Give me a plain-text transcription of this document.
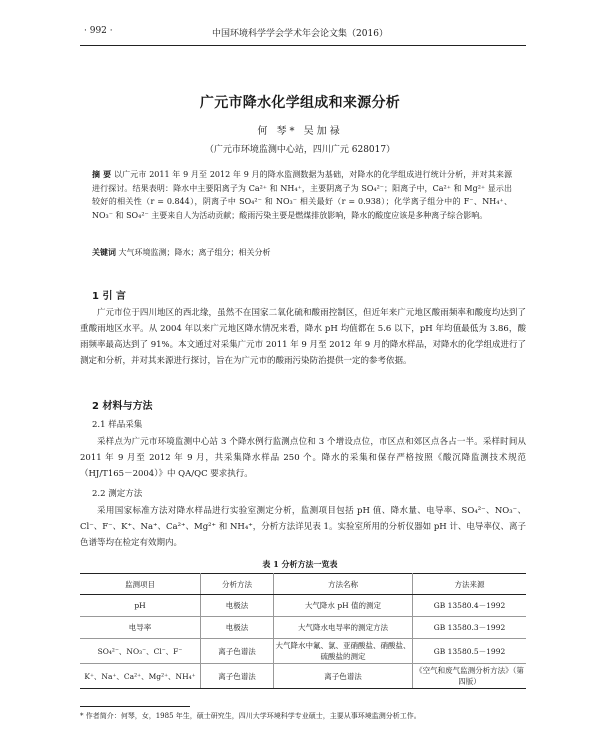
· 992 ·	中国环境科学学会学术年会论文集（2016）
广元市降水化学组成和来源分析
何 琴* 吴加禄
（广元市环境监测中心站，四川广元 628017）
摘 要 以广元市 2011 年 9 月至 2012 年 9 月的降水监测数据为基础，对降水的化学组成进行统计分析，并对其来源进行探讨。结果表明：降水中主要阳离子为 Ca²⁺ 和 NH₄⁺，主要阴离子为 SO₄²⁻；阳离子中，Ca²⁺ 和 Mg²⁺ 显示出较好的相关性（r = 0.844），阴离子中 SO₄²⁻ 和 NO₃⁻ 相关最好（r = 0.938）；化学离子组分中的 F⁻、NH₄⁺、NO₃⁻ 和 SO₄²⁻ 主要来自人为活动贡献；酸雨污染主要是燃煤排放影响，降水的酸度应该是多种离子综合影响。
关键词 大气环境监测；降水；离子组分；相关分析
1 引 言
广元市位于四川地区的西北缘，虽然不在国家二氧化硫和酸雨控制区，但近年来广元地区酸雨频率和酸度均达到了重酸雨地区水平。从 2004 年以来广元地区降水情况来看，降水 pH 均值都在 5.6 以下，pH 年均值最低为 3.86，酸雨频率最高达到了 91%。本文通过对采集广元市 2011 年 9 月至 2012 年 9 月的降水样品，对降水的化学组成进行了测定和分析，并对其来源进行探讨，旨在为广元市的酸雨污染防治提供一定的参考依据。
2 材料与方法
2.1 样品采集
采样点为广元市环境监测中心站 3 个降水例行监测点位和 3 个增设点位，市区点和郊区点各占一半。采样时间从 2011 年 9 月至 2012 年 9 月，共采集降水样品 250 个。降水的采集和保存严格按照《酸沉降监测技术规范（HJ/T165－2004）》中 QA/QC 要求执行。
2.2 测定方法
采用国家标准方法对降水样品进行实验室测定分析，监测项目包括 pH 值、降水量、电导率、SO₄²⁻、NO₃⁻、Cl⁻、F⁻、K⁺、Na⁺、Ca²⁺、Mg²⁺ 和 NH₄⁺，分析方法详见表 1。实验室所用的分析仪器如 pH 计、电导率仪、离子色谱等均在检定有效期内。
表 1 分析方法一览表
监测项目	分析方法	方法名称	方法来源
pH	电极法	大气降水 pH 值的测定	GB 13580.4－1992
电导率	电极法	大气降水电导率的测定方法	GB 13580.3－1992
SO₄²⁻、NO₃⁻、Cl⁻、F⁻	离子色谱法	大气降水中氟、氯、亚硝酸盐、硝酸盐、硫酸盐的测定	GB 13580.5－1992
K⁺、Na⁺、Ca²⁺、Mg²⁺、NH₄⁺	离子色谱法	离子色谱法	《空气和废气监测分析方法》（第四版）
* 作者简介：何琴，女，1985 年生，硕士研究生，四川大学环境科学专业硕士，主要从事环境监测分析工作。
